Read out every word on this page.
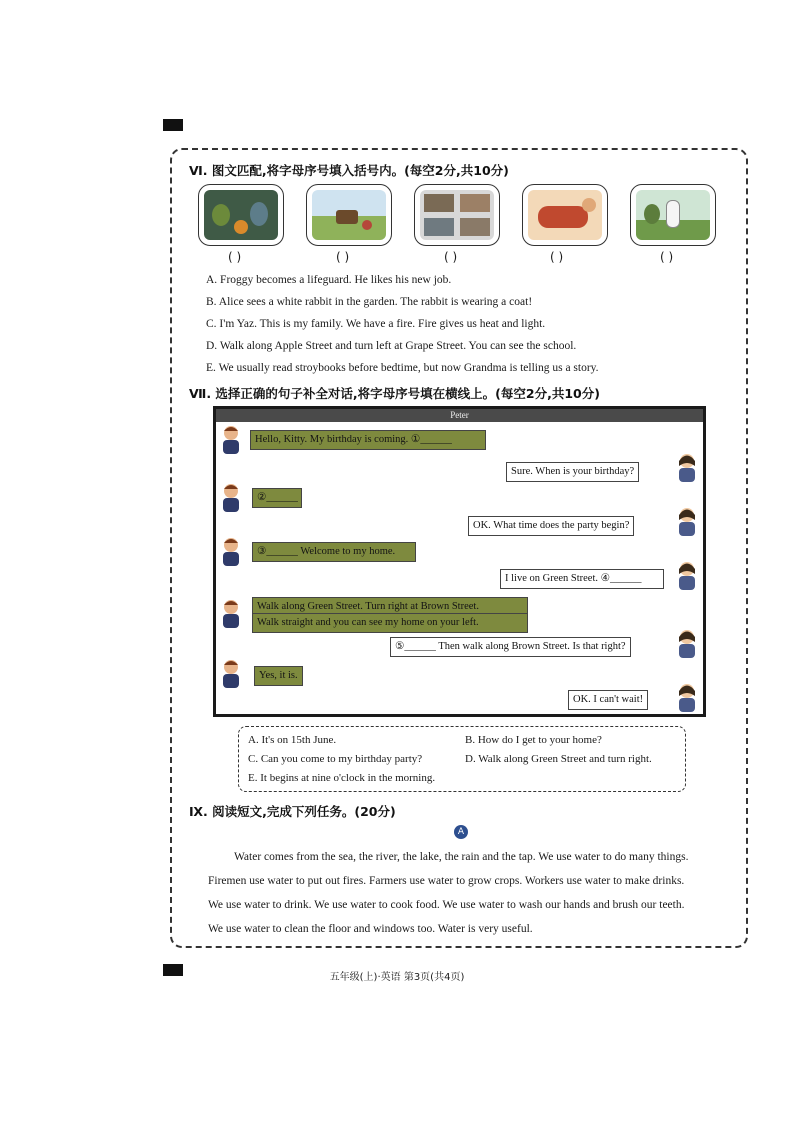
Ⅵ. 图文匹配,将字母序号填入括号内。(每空2分,共10分)
( )	( )	( )	( )	( )
A. Froggy becomes a lifeguard. He likes his new job.
B. Alice sees a white rabbit in the garden. The rabbit is wearing a coat!
C. I'm Yaz. This is my family. We have a fire. Fire gives us heat and light.
D. Walk along Apple Street and turn left at Grape Street. You can see the school.
E. We usually read stroybooks before bedtime, but now Grandma is telling us a story.
Ⅶ. 选择正确的句子补全对话,将字母序号填在横线上。(每空2分,共10分)
Peter
Hello, Kitty. My birthday is coming. ①______
Sure. When is your birthday?
②______
OK. What time does the party begin?
③______ Welcome to my home.
I live on Green Street. ④______
Walk along Green Street. Turn right at Brown Street.
Walk straight and you can see my home on your left.
⑤______ Then walk along Brown Street. Is that right?
Yes, it is.
OK. I can't wait!
A. It's on 15th June.	B. How do I get to your home?
C. Can you come to my birthday party?	D. Walk along Green Street and turn right.
E. It begins at nine o'clock in the morning.
Ⅸ. 阅读短文,完成下列任务。(20分)
A
Water comes from the sea, the river, the lake, the rain and the tap. We use water to do many things.
Firemen use water to put out fires. Farmers use water to grow crops. Workers use water to make drinks.
We use water to drink. We use water to cook food. We use water to wash our hands and brush our teeth.
We use water to clean the floor and windows too. Water is very useful.
五年级(上)·英语 第3页(共4页)
